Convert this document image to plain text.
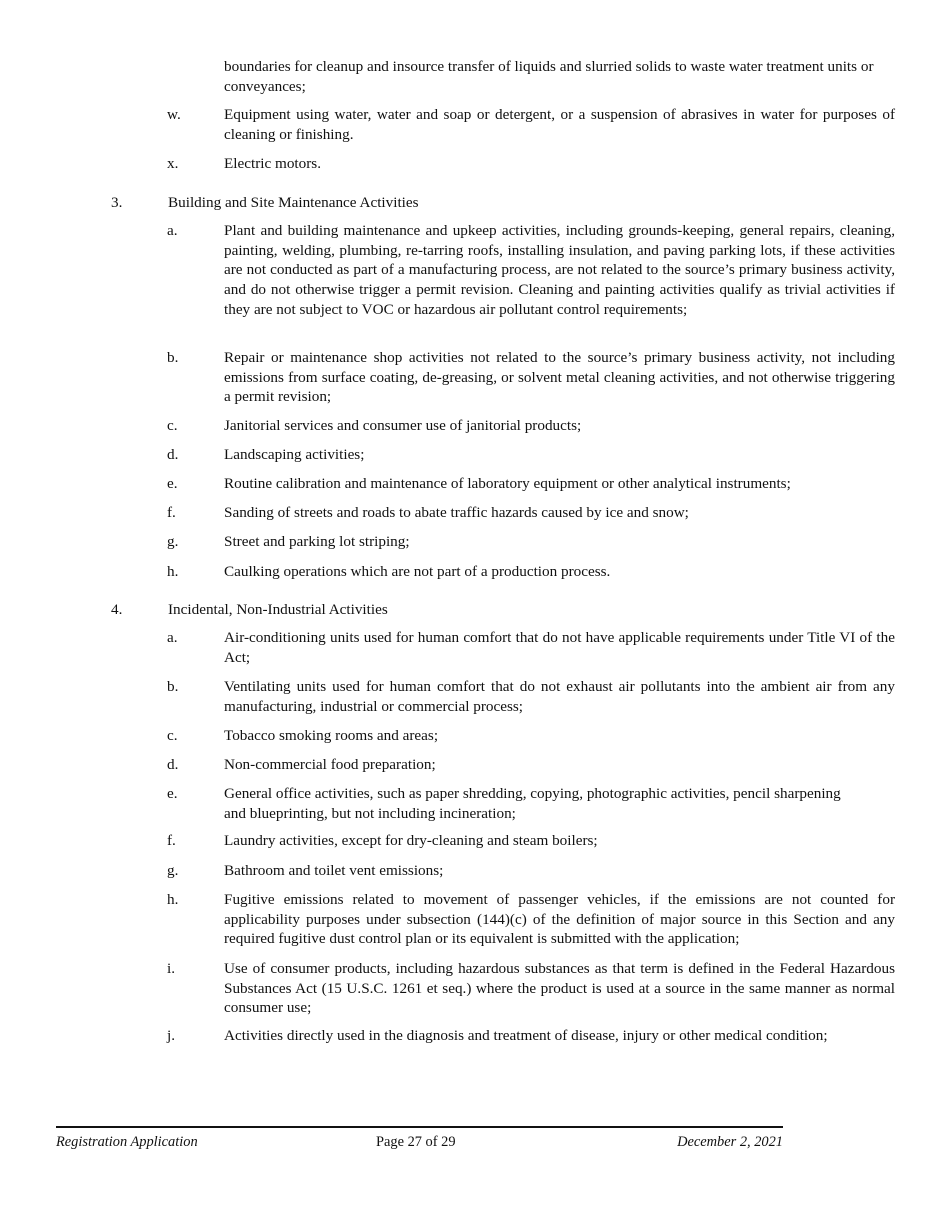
boundaries for cleanup and insource transfer of liquids and slurried solids to waste water treatment units or conveyances;
w.	Equipment using water, water and soap or detergent, or a suspension of abrasives in water for purposes of cleaning or finishing.
x.	Electric motors.
3.	Building and Site Maintenance Activities
a.	Plant and building maintenance and upkeep activities, including grounds-keeping, general repairs, cleaning, painting, welding, plumbing, re-tarring roofs, installing insulation, and paving parking lots, if these activities are not conducted as part of a manufacturing process, are not related to the source’s primary business activity, and do not otherwise trigger a permit revision. Cleaning and painting activities qualify as trivial activities if they are not subject to VOC or hazardous air pollutant control requirements;
b.	Repair or maintenance shop activities not related to the source’s primary business activity, not including emissions from surface coating, de-greasing, or solvent metal cleaning activities, and not otherwise triggering a permit revision;
c.	Janitorial services and consumer use of janitorial products;
d.	Landscaping activities;
e.	Routine calibration and maintenance of laboratory equipment or other analytical instruments;
f.	Sanding of streets and roads to abate traffic hazards caused by ice and snow;
g.	Street and parking lot striping;
h.	Caulking operations which are not part of a production process.
4.	Incidental, Non-Industrial Activities
a.	Air-conditioning units used for human comfort that do not have applicable requirements under Title VI of the Act;
b.	Ventilating units used for human comfort that do not exhaust air pollutants into the ambient air from any manufacturing, industrial or commercial process;
c.	Tobacco smoking rooms and areas;
d.	Non-commercial food preparation;
e.	General office activities, such as paper shredding, copying, photographic activities, pencil sharpening and blueprinting, but not including incineration;
f.	Laundry activities, except for dry-cleaning and steam boilers;
g.	Bathroom and toilet vent emissions;
h.	Fugitive emissions related to movement of passenger vehicles, if the emissions are not counted for applicability purposes under subsection (144)(c) of the definition of major source in this Section and any required fugitive dust control plan or its equivalent is submitted with the application;
i.	Use of consumer products, including hazardous substances as that term is defined in the Federal Hazardous Substances Act (15 U.S.C. 1261 et seq.) where the product is used at a source in the same manner as normal consumer use;
j.	Activities directly used in the diagnosis and treatment of disease, injury or other medical condition;
Registration Application	Page 27 of 29	December 2, 2021
